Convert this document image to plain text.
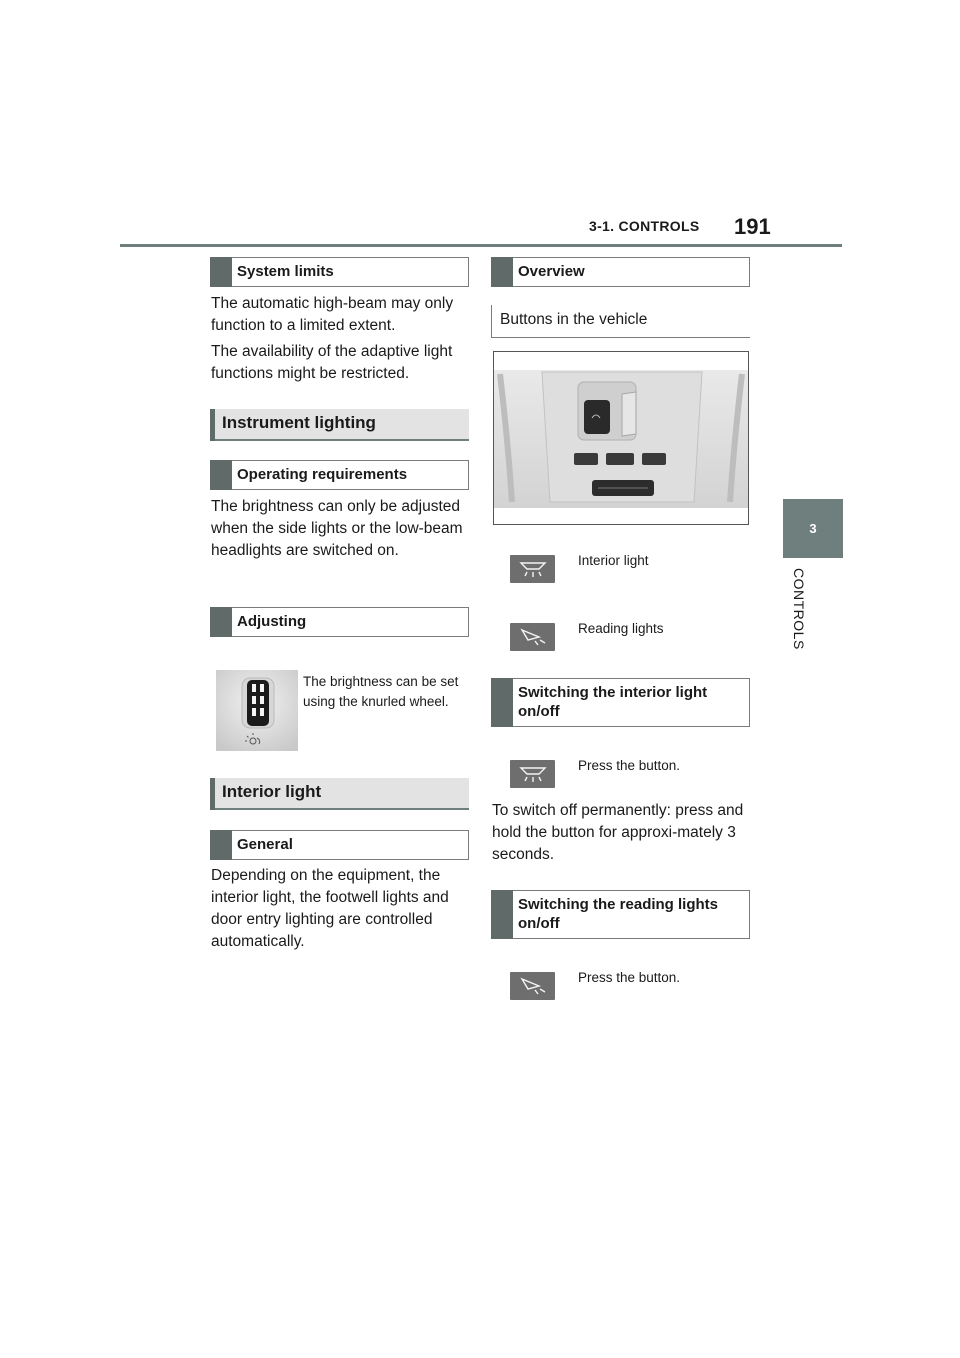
3-1. CONTROLS 191
3
CONTROLS
System limits
The automatic high-beam may only function to a limited extent.
The availability of the adaptive light functions might be restricted.
Instrument lighting
Operating requirements
The brightness can only be adjusted when the side lights or the low-beam headlights are switched on.
Adjusting
The brightness can be set using the knurled wheel.
Interior light
General
Depending on the equipment, the interior light, the footwell lights and door entry lighting are controlled automatically.
Overview
Buttons in the vehicle
Interior light
Reading lights
Switching the interior light on/off
Press the button.
To switch off permanently: press and hold the button for approxi-mately 3 seconds.
Switching the reading lights on/off
Press the button.
